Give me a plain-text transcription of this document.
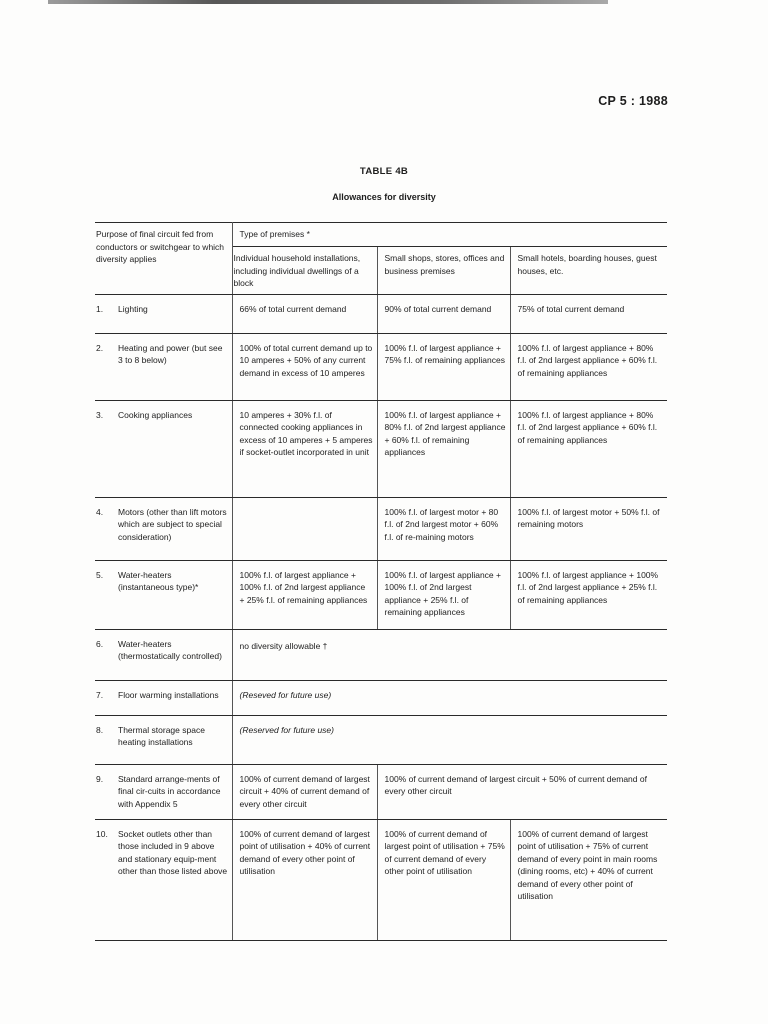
CP 5 : 1988
TABLE 4B
Allowances for diversity
Purpose of final circuit fed from conductors or switchgear to which diversity applies	Type of premises *		
	Individual household installations, including individual dwellings of a block	Small shops, stores, offices and business premises	Small hotels, boarding houses, guest houses, etc.

1. Lighting	66% of total current demand	90% of total current demand	75% of total current demand

2. Heating and power (but see 3 to 8 below)	100% of total current demand up to 10 amperes + 50% of any current demand in excess of 10 amperes	100% f.l. of largest appliance + 75% f.l. of remaining appliances	100% f.l. of largest appliance + 80% f.l. of 2nd largest appliance + 60% f.l. of remaining appliances

3. Cooking appliances	10 amperes + 30% f.l. of connected cooking appliances in excess of 10 amperes + 5 amperes if socket-outlet incorporated in unit	100% f.l. of largest appliance + 80% f.l. of 2nd largest appliance + 60% f.l. of remaining appliances	100% f.l. of largest appliance + 80% f.l. of 2nd largest appliance + 60% f.l. of remaining appliances

4. Motors (other than lift motors which are subject to special consideration)		100% f.l. of largest motor + 80 f.l. of 2nd largest motor + 60% f.l. of re-maining motors	100% f.l. of largest motor + 50% f.l. of remaining motors

5. Water-heaters (instantaneous type)*	100% f.l. of largest appliance + 100% f.l. of 2nd largest appliance + 25% f.l. of remaining appliances	100% f.l. of largest appliance + 100% f.l. of 2nd largest appliance + 25% f.l. of remaining appliances	100% f.l. of largest appliance + 100% f.l. of 2nd largest appliance + 25% f.l. of remaining appliances

6. Water-heaters (thermostatically controlled)	no diversity allowable †		

7. Floor warming installations	(Reseved for future use)		

8. Thermal storage space heating installations	(Reserved for future use)		

9. Standard arrange-ments of final cir-cuits in accordance with Appendix 5	100% of current demand of largest circuit + 40% of current demand of every other circuit	100% of current demand of largest circuit + 50% of current demand of every other circuit	

10. Socket outlets other than those included in 9 above and stationary equip-ment other than those listed above	100% of current demand of largest point of utilisation + 40% of current demand of every other point of utilisation	100% of current demand of largest point of utilisation + 75% of current demand of every other point of utilisation	100% of current demand of largest point of utilisation + 75% of current demand of every point in main rooms (dining rooms, etc) + 40% of current demand of every other point of utilisation
